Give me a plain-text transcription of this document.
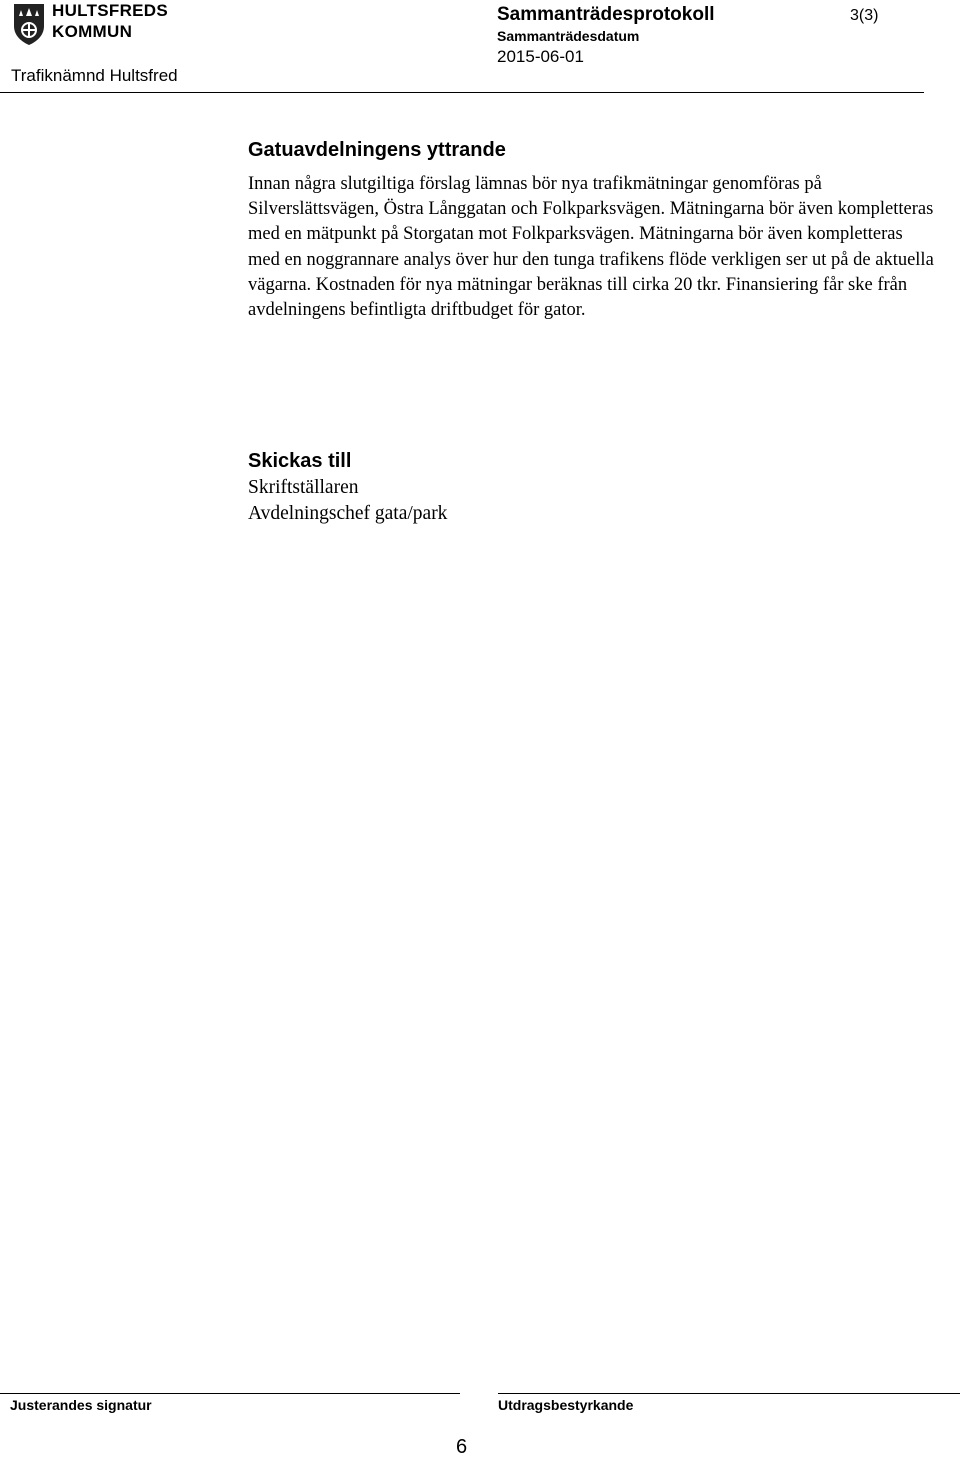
HULTSFREDS
KOMMUN
Trafiknämnd Hultsfred
Sammanträdesprotokoll
Sammanträdesdatum
2015-06-01
3(3)
Gatuavdelningens yttrande

Innan några slutgiltiga förslag lämnas bör nya trafikmätningar genomföras på Silverslättsvägen, Östra Långgatan och Folkparksvägen. Mätningarna bör även kompletteras med en mätpunkt på Storgatan mot Folkparksvägen. Mätningarna bör även kompletteras med en noggrannare analys över hur den tunga trafikens flöde verkligen ser ut på de aktuella vägarna. Kostnaden för nya mätningar beräknas till cirka 20 tkr. Finansiering får ske från avdelningens befintligta driftbudget för gator.

Skickas till
Skriftställaren
Avdelningschef gata/park
Justerandes signatur	Utdragsbestyrkande
6
